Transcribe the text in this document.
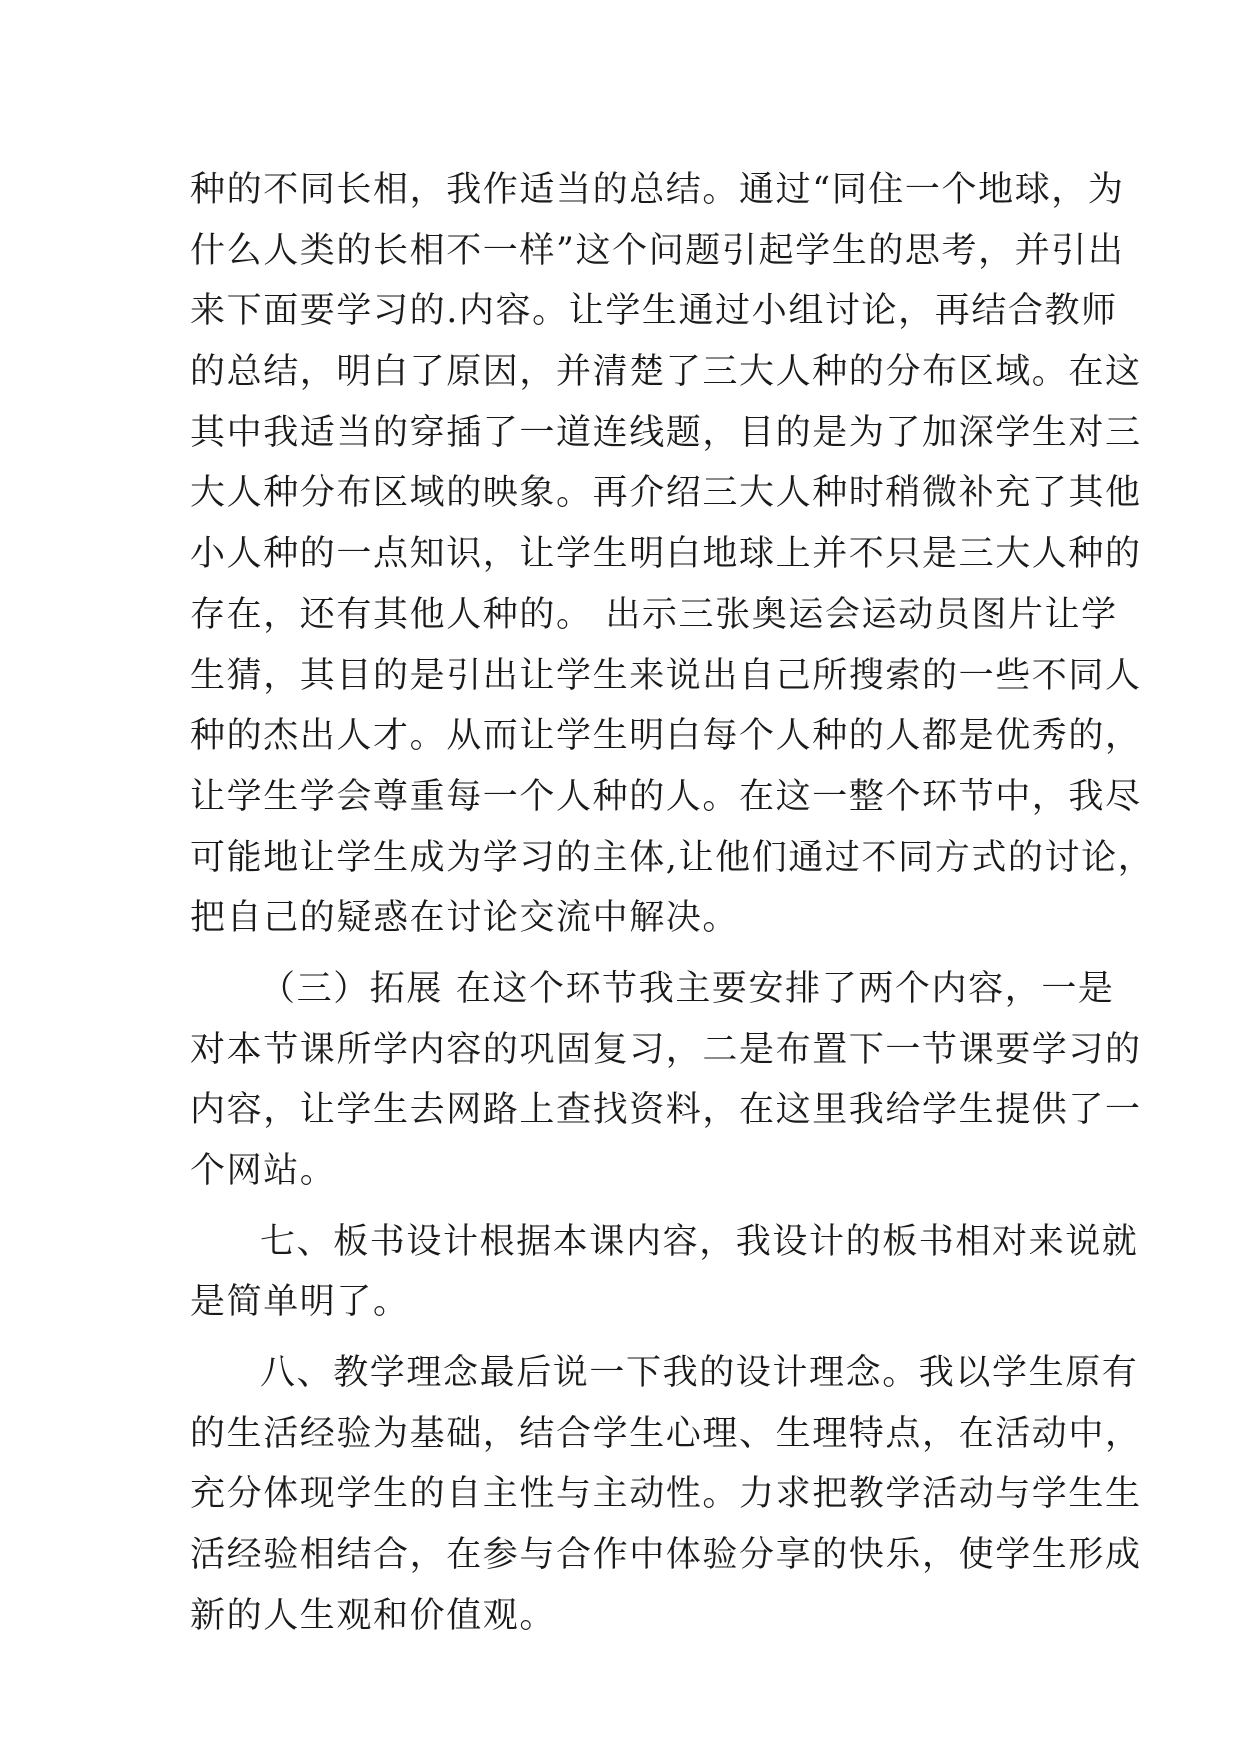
种的不同长相，我作适当的总结。通过“同住一个地球，为
什么人类的长相不一样”这个问题引起学生的思考，并引出
来下面要学习的.内容。让学生通过小组讨论，再结合教师
的总结，明白了原因，并清楚了三大人种的分布区域。在这
其中我适当的穿插了一道连线题，目的是为了加深学生对三
大人种分布区域的映象。再介绍三大人种时稍微补充了其他
小人种的一点知识，让学生明白地球上并不只是三大人种的
存在，还有其他人种的。 出示三张奥运会运动员图片让学
生猜，其目的是引出让学生来说出自己所搜索的一些不同人
种的杰出人才。从而让学生明白每个人种的人都是优秀的，
让学生学会尊重每一个人种的人。在这一整个环节中，我尽
可能地让学生成为学习的主体,让他们通过不同方式的讨论，
把自己的疑惑在讨论交流中解决。
（三）拓展 在这个环节我主要安排了两个内容，一是
对本节课所学内容的巩固复习，二是布置下一节课要学习的
内容，让学生去网路上查找资料，在这里我给学生提供了一
个网站。
七、板书设计根据本课内容，我设计的板书相对来说就
是简单明了。
八、教学理念最后说一下我的设计理念。我以学生原有
的生活经验为基础，结合学生心理、生理特点，在活动中，
充分体现学生的自主性与主动性。力求把教学活动与学生生
活经验相结合，在参与合作中体验分享的快乐，使学生形成
新的人生观和价值观。
